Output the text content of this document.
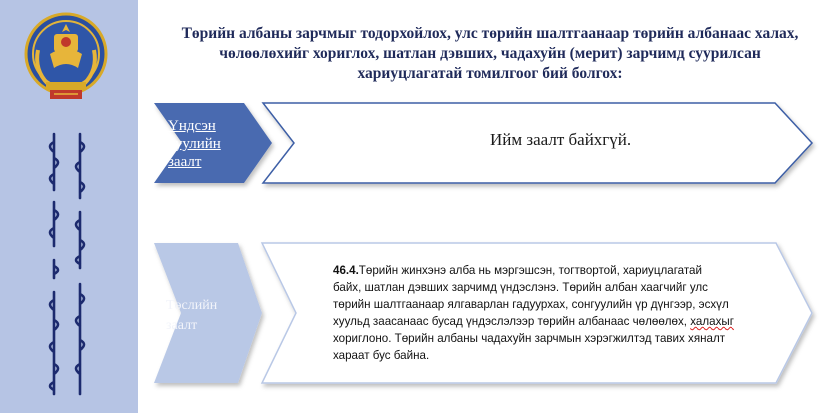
Төрийн албаны зарчмыг тодорхойлох, улс төрийн шалтгаанаар төрийн албанаас халах, чөлөөлөхийг хориглох, шатлан дэвших, чадахуйн (мерит) зарчимд суурилсан хариуцлагатай томилгоог бий болгох:
Үндсэн
хуулийн
заалт
Ийм заалт байхгүй.
Төслийн
заалт
46.4.Төрийн жинхэнэ алба нь мэргэшсэн, тогтвортой, хариуцлагатай
байх, шатлан дэвших зарчимд үндэслэнэ. Төрийн албан хаагчийг улс
төрийн шалтгаанаар ялгаварлан гадуурхах, сонгуулийн үр дүнгээр, эсхүл
хуульд заасанаас бусад үндэслэлээр төрийн албанаас чөлөөлөх, халахыг
хориглоно. Төрийн албаны чадахуйн зарчмын хэрэгжилтэд тавих хяналт
хараат бус байна.
